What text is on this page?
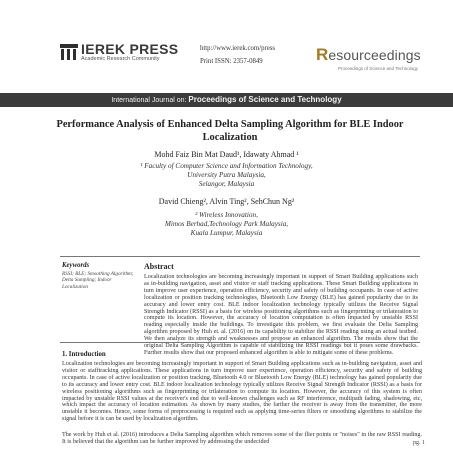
IEREK PRESS
Academic Research Community
http://www.ierek.com/press
Print ISSN: 2357-0849	Resourceedings
Proceedings of Science and Technology
International Journal on: Proceedings of Science and Technology
Performance Analysis of Enhanced Delta Sampling Algorithm for BLE Indoor Localization
Mohd Faiz Bin Mat Daud¹, Idawaty Ahmad ¹
¹ Faculty of Computer Science and Information Technology,
University Putra Malaysia,
Selangor, Malaysia
David Chieng², Alvin Ting², SehChun Ng²
² Wireless Innovation,
Mimos Berhad,Technology Park Malaysia,
Kuala Lumpur, Malaysia
Keywords
RSSI; BLE; Smoothing Algorithm; Delta Sampling; Indoor Localization
Abstract
Localization technologies are becoming increasingly important in support of Smart Building applications such as in-building navigation, asset and visitor or staff tracking applications. These Smart Building applications in turn improve user experience, operation efficiency, security and safety of building occupants. In case of active localization or position tracking technologies, Bluetooth Low Energy (BLE) has gained popularity due to its accuracy and lower entry cost. BLE indoor localization technology typically utilizes the Receive Signal Strength Indicator (RSSI) as a basis for wireless positioning algorithms such as fingerprinting or trilateration to compute its location. However, the accuracy of location computation is often impacted by unstable RSSI reading especially inside the buildings. To investigate this problem, we first evaluate the Delta Sampling algorithm proposed by Huh et. al. (2016) on its capability to stabilize the RSSI reading using an actual testbed. We then analyze its strength and weaknesses and propose an enhanced algorithm. The results show that the original Delta Sampling Algorithm is capable of stabilizing the RSSI readings but it poses some drawbacks. Further results show that our proposed enhanced algorithm is able to mitigate some of these problems.
1. Introduction
Localization technologies are becoming increasingly important in support of Smart Building applications such as in-building navigation, asset and visitor or stafftracking applications. These applications in turn improve user experience, operation efficiency, security and safety of building occupants. In case of active localization or position tracking, Bluetooth 4.0 or Bluetooth Low Energy (BLE) technology has gained popularity due to its accuracy and lower entry cost. BLE indoor localization technology typically utilizes Receive Signal Strength Indicator (RSSI) as a basis for wireless positioning algorithms such as fingerprinting or trilateration to compute its location. However, the accuracy of this system is often impacted by unstable RSSI values at the receiver's end due to well-known challenges such as RF interference, multipath fading, shadowing, etc, which impact the accuracy of location estimation. As shown by many studies, the farther the receiver is away from the transmitter, the more unstable it becomes. Hence, some forms of preprocessing is required such as applying time-series filters or smoothing algorithms to stabilize the signal before it is can be used by localization algorithm.
The work by Huh et al. (2016) introduces a Delta Sampling algorithm which removes some of the flier points or "noises" in the raw RSSI reading. It is believed that the algorithm can be further improved by addressing the undecided	pg. 1
